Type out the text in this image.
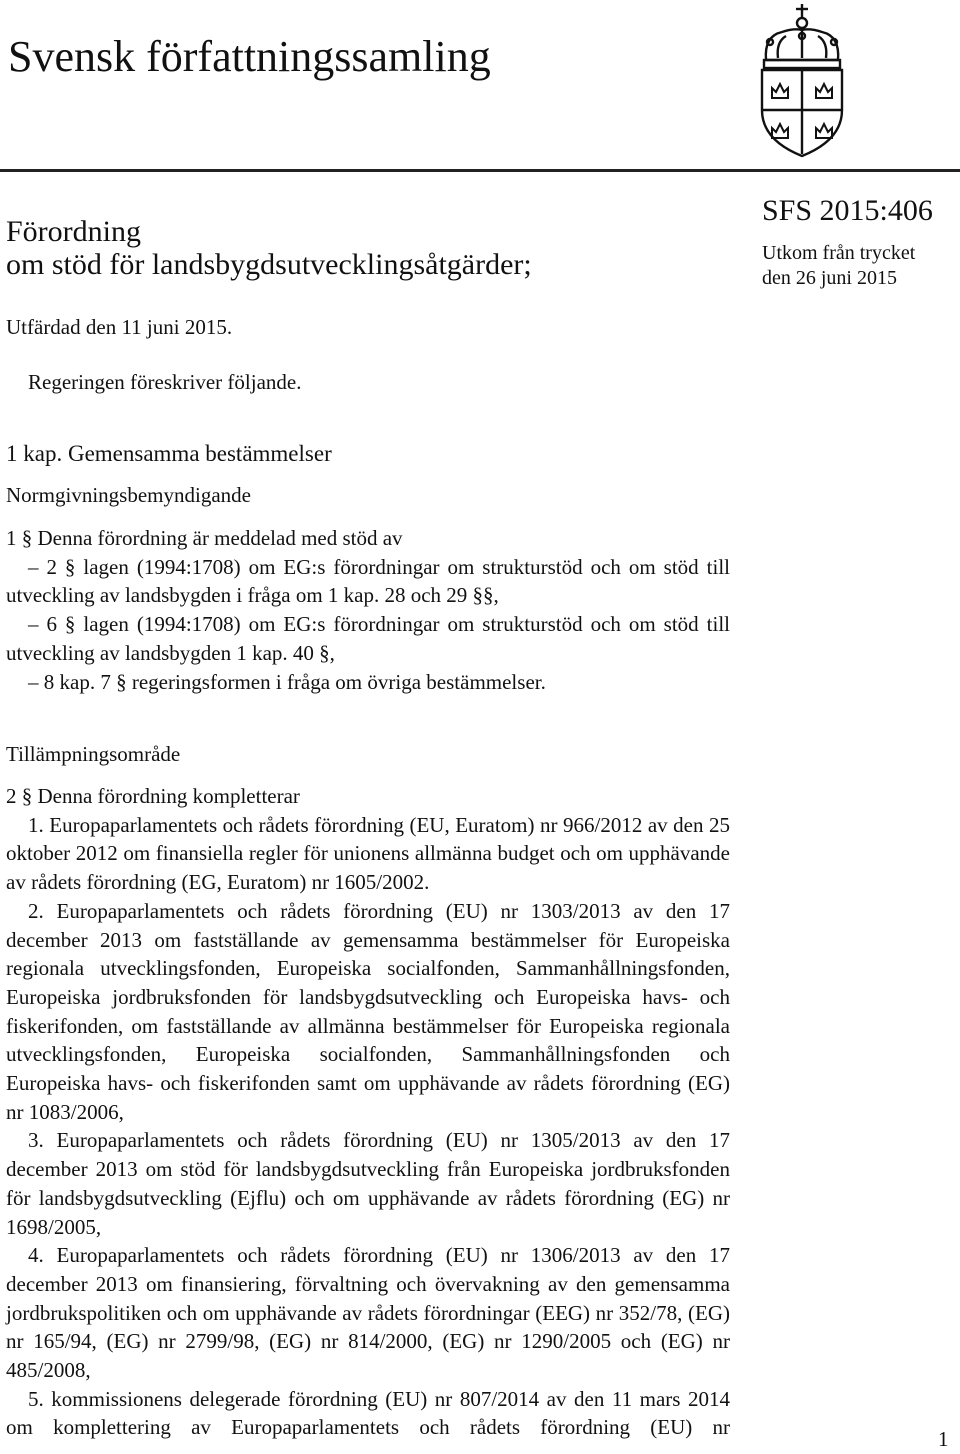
Svensk författningssamling
Förordning
om stöd för landsbygdsutvecklingsåtgärder;
SFS 2015:406
Utkom från trycket
den 26 juni 2015
Utfärdad den 11 juni 2015.
Regeringen föreskriver följande.
1 kap. Gemensamma bestämmelser
Normgivningsbemyndigande

1 § Denna förordning är meddelad med stöd av

– 2 § lagen (1994:1708) om EG:s förordningar om strukturstöd och om stöd till utveckling av landsbygden i fråga om 1 kap. 28 och 29 §§,

– 6 § lagen (1994:1708) om EG:s förordningar om strukturstöd och om stöd till utveckling av landsbygden 1 kap. 40 §,

– 8 kap. 7 § regeringsformen i fråga om övriga bestämmelser.

Tillämpningsområde

2 § Denna förordning kompletterar

1. Europaparlamentets och rådets förordning (EU, Euratom) nr 966/2012 av den 25 oktober 2012 om finansiella regler för unionens allmänna budget och om upphävande av rådets förordning (EG, Euratom) nr 1605/2002.

2. Europaparlamentets och rådets förordning (EU) nr 1303/2013 av den 17 december 2013 om fastställande av gemensamma bestämmelser för Europeiska regionala utvecklingsfonden, Europeiska socialfonden, Sammanhållningsfonden, Europeiska jordbruksfonden för landsbygdsutveckling och Europeiska havs- och fiskerifonden, om fastställande av allmänna bestämmelser för Europeiska regionala utvecklingsfonden, Europeiska socialfonden, Sammanhållningsfonden och Europeiska havs- och fiskerifonden samt om upphävande av rådets förordning (EG) nr 1083/2006,

3. Europaparlamentets och rådets förordning (EU) nr 1305/2013 av den 17 december 2013 om stöd för landsbygdsutveckling från Europeiska jordbruksfonden för landsbygdsutveckling (Ejflu) och om upphävande av rådets förordning (EG) nr 1698/2005,

4. Europaparlamentets och rådets förordning (EU) nr 1306/2013 av den 17 december 2013 om finansiering, förvaltning och övervakning av den gemensamma jordbrukspolitiken och om upphävande av rådets förordningar (EEG) nr 352/78, (EG) nr 165/94, (EG) nr 2799/98, (EG) nr 814/2000, (EG) nr 1290/2005 och (EG) nr 485/2008,

5. kommissionens delegerade förordning (EU) nr 807/2014 av den 11 mars 2014 om komplettering av Europaparlamentets och rådets förordning (EU) nr	1
